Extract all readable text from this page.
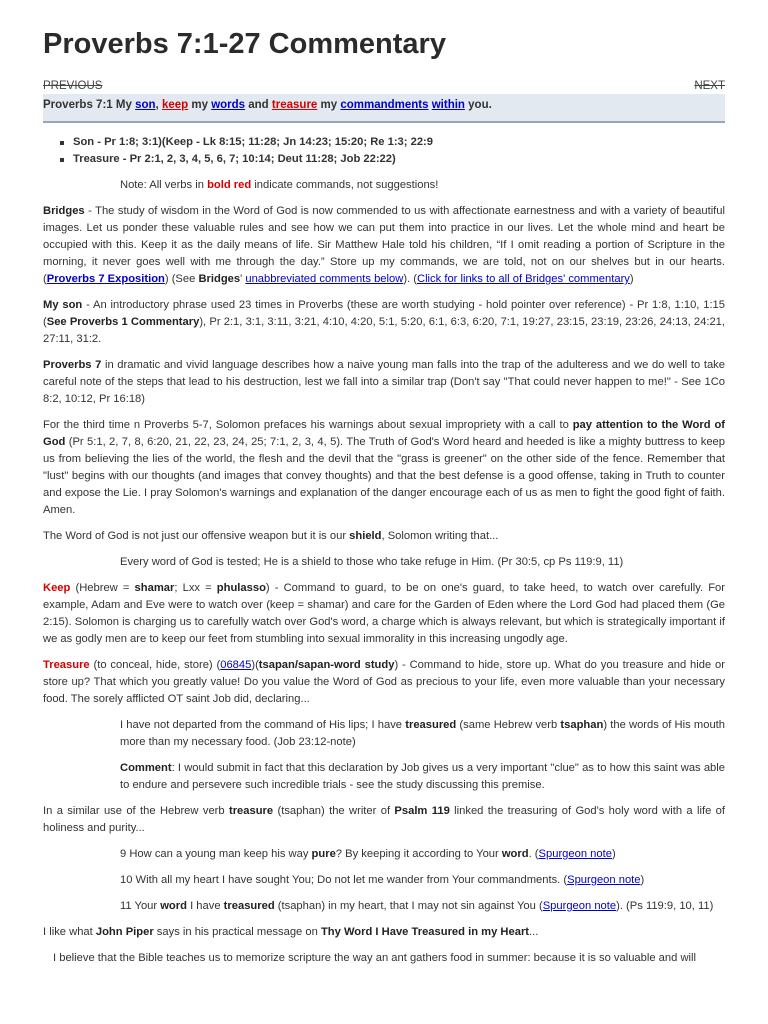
Proverbs 7:1-27 Commentary
PREVIOUS	NEXT
Proverbs 7:1 My son, keep my words and treasure my commandments within you.
Son - Pr 1:8; 3:1)(Keep - Lk 8:15; 11:28; Jn 14:23; 15:20; Re 1:3; 22:9
Treasure - Pr 2:1, 2, 3, 4, 5, 6, 7; 10:14; Deut 11:28; Job 22:22)

Note: All verbs in bold red indicate commands, not suggestions!

Bridges - The study of wisdom in the Word of God is now commended to us with affectionate earnestness and with a variety of beautiful images. Let us ponder these valuable rules and see how we can put them into practice in our lives. Let the whole mind and heart be occupied with this. Keep it as the daily means of life. Sir Matthew Hale told his children, “If I omit reading a portion of Scripture in the morning, it never goes well with me through the day.” Store up my commands, we are told, not on our shelves but in our hearts. (Proverbs 7 Exposition) (See Bridges' unabbreviated comments below). (Click for links to all of Bridges' commentary)

My son - An introductory phrase used 23 times in Proverbs (these are worth studying - hold pointer over reference) - Pr 1:8, 1:10, 1:15 (See Proverbs 1 Commentary), Pr 2:1, 3:1, 3:11, 3:21, 4:10, 4:20, 5:1, 5:20, 6:1, 6:3, 6:20, 7:1, 19:27, 23:15, 23:19, 23:26, 24:13, 24:21, 27:11, 31:2.

Proverbs 7 in dramatic and vivid language describes how a naive young man falls into the trap of the adulteress and we do well to take careful note of the steps that lead to his destruction, lest we fall into a similar trap (Don't say "That could never happen to me!" - See 1Co 8:2, 10:12, Pr 16:18)

For the third time n Proverbs 5-7, Solomon prefaces his warnings about sexual impropriety with a call to pay attention to the Word of God (Pr 5:1, 2, 7, 8, 6:20, 21, 22, 23, 24, 25; 7:1, 2, 3, 4, 5). The Truth of God's Word heard and heeded is like a mighty buttress to keep us from believing the lies of the world, the flesh and the devil that the "grass is greener" on the other side of the fence. Remember that "lust" begins with our thoughts (and images that convey thoughts) and that the best defense is a good offense, taking in Truth to counter and expose the Lie. I pray Solomon's warnings and explanation of the danger encourage each of us as men to fight the good fight of faith. Amen.

The Word of God is not just our offensive weapon but it is our shield, Solomon writing that...

Every word of God is tested; He is a shield to those who take refuge in Him. (Pr 30:5, cp Ps 119:9, 11)

Keep (Hebrew = shamar; Lxx = phulasso) - Command to guard, to be on one's guard, to take heed, to watch over carefully. For example, Adam and Eve were to watch over (keep = shamar) and care for the Garden of Eden where the Lord God had placed them (Ge 2:15). Solomon is charging us to carefully watch over God's word, a charge which is always relevant, but which is strategically important if we as godly men are to keep our feet from stumbling into sexual immorality in this increasing ungodly age.

Treasure (to conceal, hide, store) (06845)(tsapan/sapan-word study) - Command to hide, store up. What do you treasure and hide or store up? That which you greatly value! Do you value the Word of God as precious to your life, even more valuable than your necessary food. The sorely afflicted OT saint Job did, declaring...

I have not departed from the command of His lips; I have treasured (same Hebrew verb tsaphan) the words of His mouth more than my necessary food. (Job 23:12-note)

Comment: I would submit in fact that this declaration by Job gives us a very important "clue" as to how this saint was able to endure and persevere such incredible trials - see the study discussing this premise.

In a similar use of the Hebrew verb treasure (tsaphan) the writer of Psalm 119 linked the treasuring of God's holy word with a life of holiness and purity...

9 How can a young man keep his way pure? By keeping it according to Your word. (Spurgeon note)

10 With all my heart I have sought You; Do not let me wander from Your commandments. (Spurgeon note)

11 Your word I have treasured (tsaphan) in my heart, that I may not sin against You (Spurgeon note). (Ps 119:9, 10, 11)

I like what John Piper says in his practical message on Thy Word I Have Treasured in my Heart...

I believe that the Bible teaches us to memorize scripture the way an ant gathers food in summer: because it is so valuable and will
